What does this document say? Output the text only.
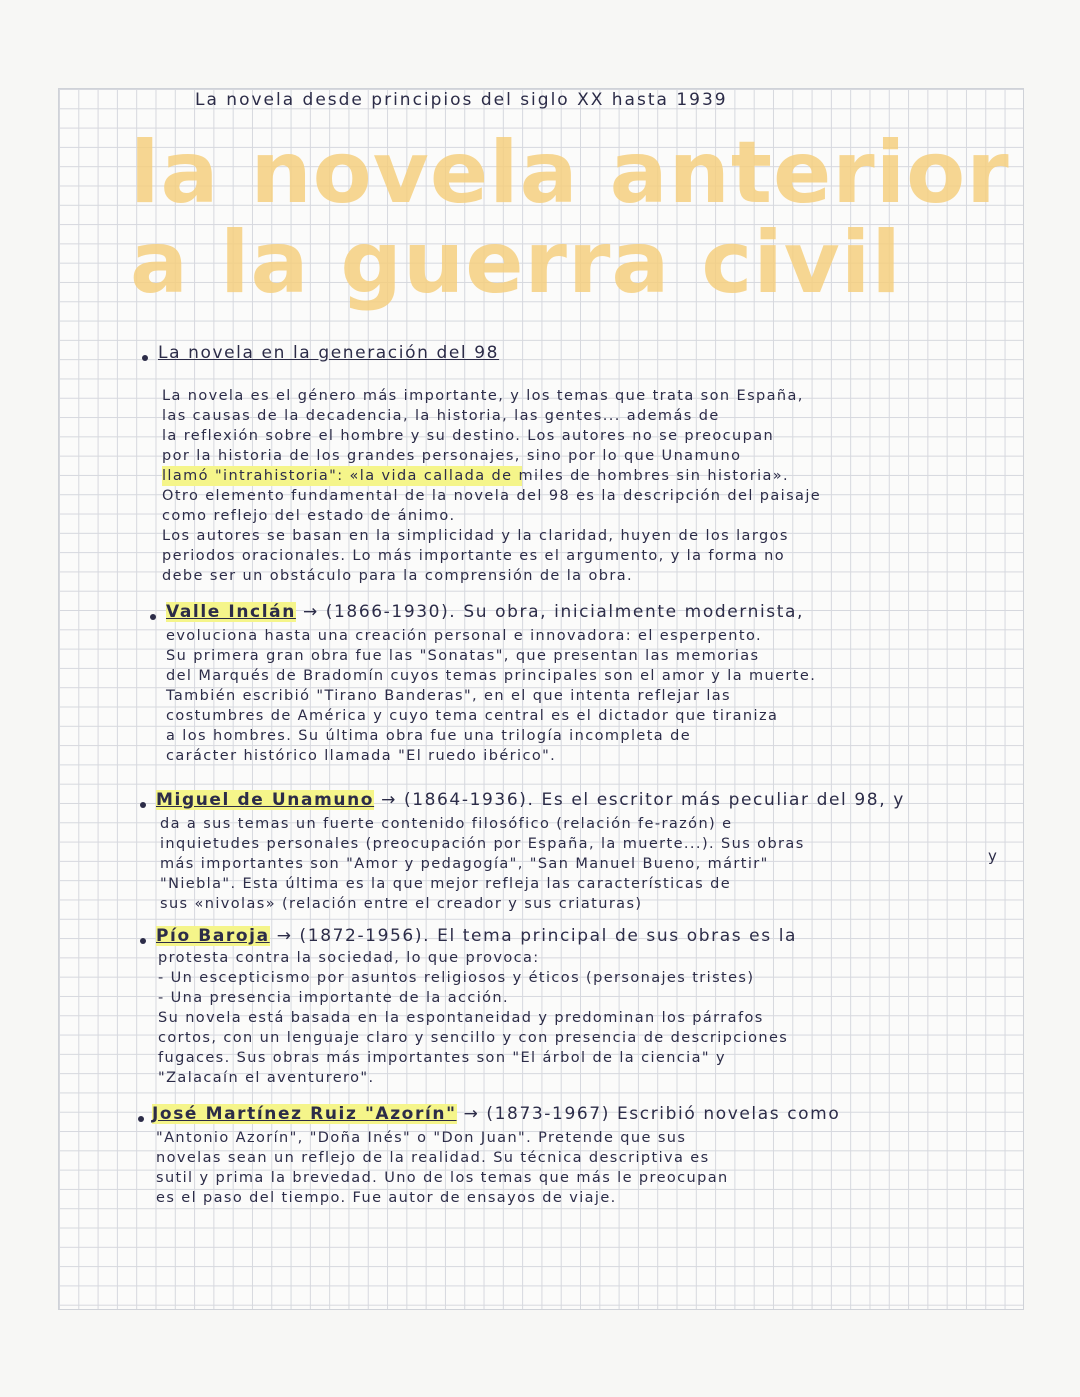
La novela desde principios del siglo XX hasta 1939
la novela anterior
a la guerra civil
La novela en la generación del 98
La novela es el género más importante, y los temas que trata son España,
las causas de la decadencia, la historia, las gentes... además de
la reflexión sobre el hombre y su destino. Los autores no se preocupan
por la historia de los grandes personajes, sino por lo que Unamuno
llamó "intrahistoria": «la vida callada de miles de hombres sin historia».
Otro elemento fundamental de la novela del 98 es la descripción del paisaje
como reflejo del estado de ánimo.
Los autores se basan en la simplicidad y la claridad, huyen de los largos
periodos oracionales. Lo más importante es el argumento, y la forma no
debe ser un obstáculo para la comprensión de la obra.
Valle Inclán → (1866-1930). Su obra, inicialmente modernista,
evoluciona hasta una creación personal e innovadora: el esperpento.
Su primera gran obra fue las "Sonatas", que presentan las memorias
del Marqués de Bradomín cuyos temas principales son el amor y la muerte.
También escribió "Tirano Banderas", en el que intenta reflejar las
costumbres de América y cuyo tema central es el dictador que tiraniza
a los hombres. Su última obra fue una trilogía incompleta de
carácter histórico llamada "El ruedo ibérico".
Miguel de Unamuno → (1864-1936). Es el escritor más peculiar del 98, y
da a sus temas un fuerte contenido filosófico (relación fe-razón) e
inquietudes personales (preocupación por España, la muerte...). Sus obras
más importantes son "Amor y pedagogía", "San Manuel Bueno, mártir"
"Niebla". Esta última es la que mejor refleja las características de
sus «nivolas» (relación entre el creador y sus criaturas)
y
Pío Baroja → (1872-1956). El tema principal de sus obras es la
protesta contra la sociedad, lo que provoca:
- Un escepticismo por asuntos religiosos y éticos (personajes tristes)
- Una presencia importante de la acción.
Su novela está basada en la espontaneidad y predominan los párrafos
cortos, con un lenguaje claro y sencillo y con presencia de descripciones
fugaces. Sus obras más importantes son "El árbol de la ciencia" y
"Zalacaín el aventurero".
José Martínez Ruiz "Azorín" → (1873-1967) Escribió novelas como
"Antonio Azorín", "Doña Inés" o "Don Juan". Pretende que sus
novelas sean un reflejo de la realidad. Su técnica descriptiva es
sutil y prima la brevedad. Uno de los temas que más le preocupan
es el paso del tiempo. Fue autor de ensayos de viaje.
